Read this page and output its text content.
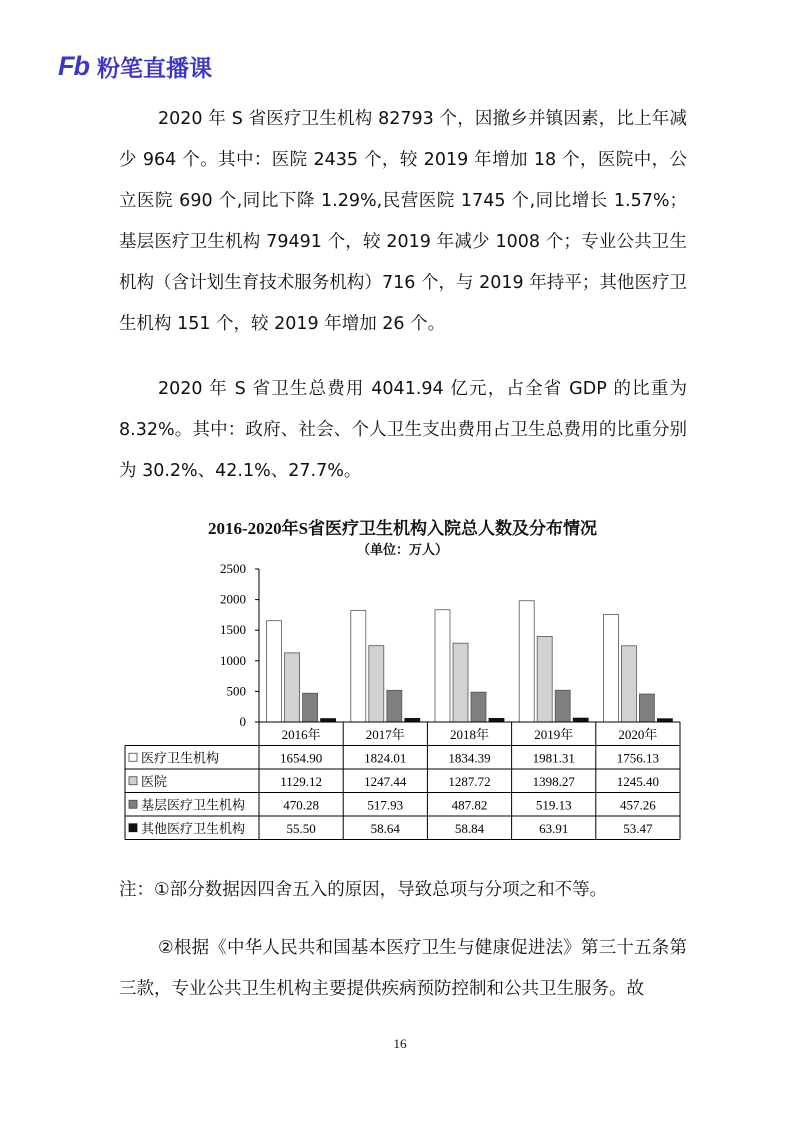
Fb 粉笔直播课

2020 年 S 省医疗卫生机构 82793 个，因撤乡并镇因素，比上年减少 964 个。其中：医院 2435 个，较 2019 年增加 18 个，医院中，公立医院 690 个,同比下降 1.29%,民营医院 1745 个,同比增长 1.57%；基层医疗卫生机构 79491 个，较 2019 年减少 1008 个；专业公共卫生机构（含计划生育技术服务机构）716 个，与 2019 年持平；其他医疗卫生机构 151 个，较 2019 年增加 26 个。

2020 年 S 省卫生总费用 4041.94 亿元，占全省 GDP 的比重为 8.32%。其中：政府、社会、个人卫生支出费用占卫生总费用的比重分别为 30.2%、42.1%、27.7%。

2016-2020年S省医疗卫生机构入院总人数及分布情况
（单位：万人）
0
500
1000
1500
2000
2500
2016年	2017年	2018年	2019年	2020年
医疗卫生机构	1654.90	1824.01	1834.39	1981.31	1756.13
医院	1129.12	1247.44	1287.72	1398.27	1245.40
基层医疗卫生机构	470.28	517.93	487.82	519.13	457.26
其他医疗卫生机构	55.50	58.64	58.84	63.91	53.47

注：①部分数据因四舍五入的原因，导致总项与分项之和不等。

②根据《中华人民共和国基本医疗卫生与健康促进法》第三十五条第三款，专业公共卫生机构主要提供疾病预防控制和公共卫生服务。故

16
